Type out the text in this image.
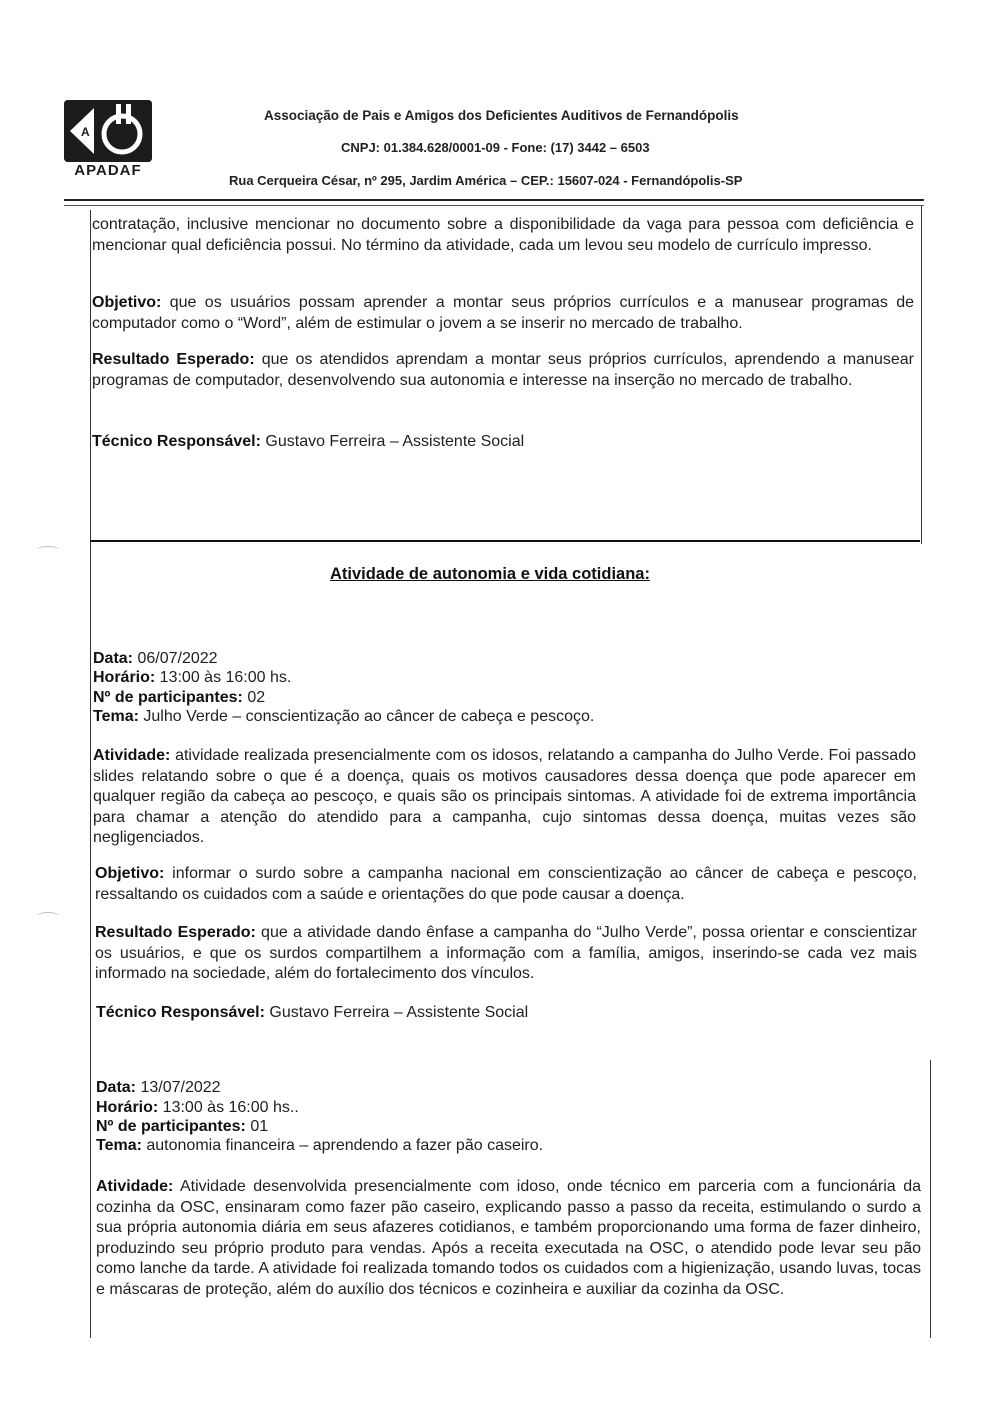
A
APADAF
Associação de Pais e Amigos dos Deficientes Auditivos de Fernandópolis
CNPJ: 01.384.628/0001-09 - Fone: (17) 3442 – 6503
Rua Cerqueira César, nº 295, Jardim América – CEP.: 15607-024 - Fernandópolis-SP
contratação, inclusive mencionar no documento sobre a disponibilidade da vaga para pessoa com deficiência e mencionar qual deficiência possui. No término da atividade, cada um levou seu modelo de currículo impresso.
Objetivo: que os usuários possam aprender a montar seus próprios currículos e a manusear programas de computador como o “Word”, além de estimular o jovem a se inserir no mercado de trabalho.
Resultado Esperado: que os atendidos aprendam a montar seus próprios currículos, aprendendo a manusear programas de computador, desenvolvendo sua autonomia e interesse na inserção no mercado de trabalho.
Técnico Responsável: Gustavo Ferreira – Assistente Social
Atividade de autonomia e vida cotidiana:
Data: 06/07/2022
Horário: 13:00 às 16:00 hs.
Nº de participantes: 02
Tema: Julho Verde – conscientização ao câncer de cabeça e pescoço.
Atividade: atividade realizada presencialmente com os idosos, relatando a campanha do Julho Verde. Foi passado slides relatando sobre o que é a doença, quais os motivos causadores dessa doença que pode aparecer em qualquer região da cabeça ao pescoço, e quais são os principais sintomas. A atividade foi de extrema importância para chamar a atenção do atendido para a campanha, cujo sintomas dessa doença, muitas vezes são negligenciados.
Objetivo: informar o surdo sobre a campanha nacional em conscientização ao câncer de cabeça e pescoço, ressaltando os cuidados com a saúde e orientações do que pode causar a doença.
Resultado Esperado: que a atividade dando ênfase a campanha do “Julho Verde”, possa orientar e conscientizar os usuários, e que os surdos compartilhem a informação com a família, amigos, inserindo-se cada vez mais informado na sociedade, além do fortalecimento dos vínculos.
Técnico Responsável: Gustavo Ferreira – Assistente Social
Data: 13/07/2022
Horário: 13:00 às 16:00 hs..
Nº de participantes: 01
Tema: autonomia financeira – aprendendo a fazer pão caseiro.
Atividade: Atividade desenvolvida presencialmente com idoso, onde técnico em parceria com a funcionária da cozinha da OSC, ensinaram como fazer pão caseiro, explicando passo a passo da receita, estimulando o surdo a sua própria autonomia diária em seus afazeres cotidianos, e também proporcionando uma forma de fazer dinheiro, produzindo seu próprio produto para vendas. Após a receita executada na OSC, o atendido pode levar seu pão como lanche da tarde. A atividade foi realizada tomando todos os cuidados com a higienização, usando luvas, tocas e máscaras de proteção, além do auxílio dos técnicos e cozinheira e auxiliar da cozinha da OSC.
